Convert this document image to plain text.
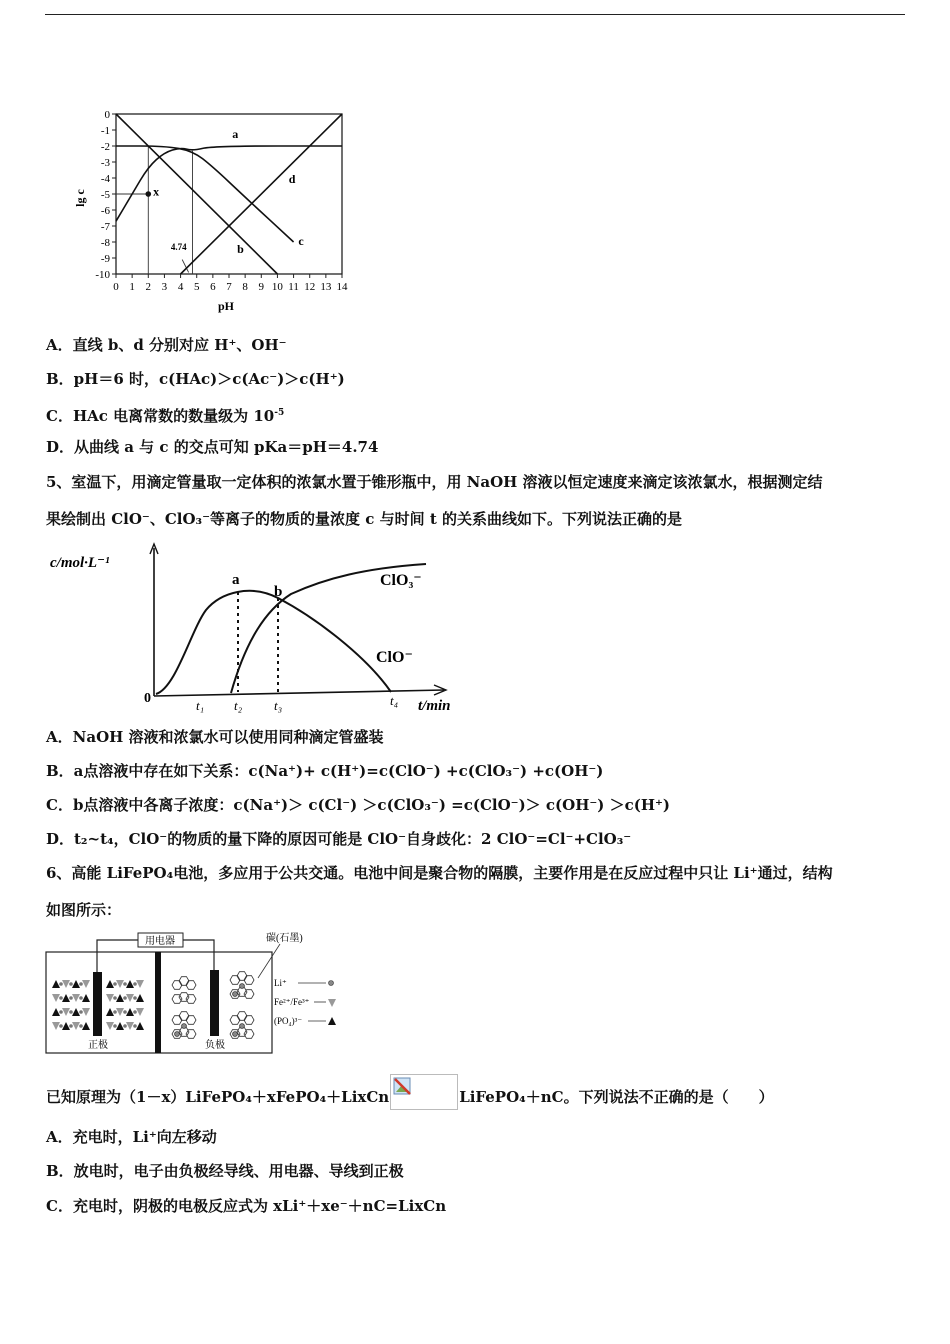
0
-1
-2
-3
-4
-5
-6
-7
-8
-9
-10
0 1 2 3 4 5 6 7 8 9 10 11 12 13 14
pH
lg c
a
b
c
d
x
4.74
A．直线 b、d 分别对应 H⁺、OH⁻
B．pH＝6 时，c(HAc)＞c(Ac⁻)＞c(H⁺)
C．HAc 电离常数的数量级为 $10^{-5}$
D．从曲线 a 与 c 的交点可知 pKa＝pH＝4.74
5、室温下，用滴定管量取一定体积的浓氯水置于锥形瓶中，用 NaOH 溶液以恒定速度来滴定该浓氯水，根据测定结
果绘制出 ClO⁻、ClO₃⁻等离子的物质的量浓度 c 与时间 t 的关系曲线如下。下列说法正确的是
c/mol·L⁻¹
t/min
0	t₁ t₂ t₃	t₄
a
b
ClO₃⁻
ClO⁻
A．NaOH 溶液和浓氯水可以使用同种滴定管盛装
B．a点溶液中存在如下关系：c(Na⁺)+ c(H⁺)=c(ClO⁻) +c(ClO₃⁻) +c(OH⁻)
C．b点溶液中各离子浓度：c(Na⁺)＞ c(Cl⁻) ＞c(ClO₃⁻) =c(ClO⁻)＞ c(OH⁻) ＞c(H⁺)
D．t₂~t₄，ClO⁻的物质的量下降的原因可能是 ClO⁻自身歧化：2 ClO⁻=Cl⁻+ClO₃⁻
6、高能 LiFePO₄电池，多应用于公共交通。电池中间是聚合物的隔膜，主要作用是在反应过程中只让 Li⁺通过，结构
如图所示：
用电器
正极	负极
碳(石墨)
Li⁺
Fe²⁺/Fe³⁺
(PO₄)³⁻
已知原理为（1－x）LiFePO₄＋xFePO₄＋LixCn	LiFePO₄＋nC。下列说法不正确的是（　　）
A．充电时，Li⁺向左移动
B．放电时，电子由负极经导线、用电器、导线到正极
C．充电时，阴极的电极反应式为 xLi⁺＋xe⁻＋nC=LixCn
